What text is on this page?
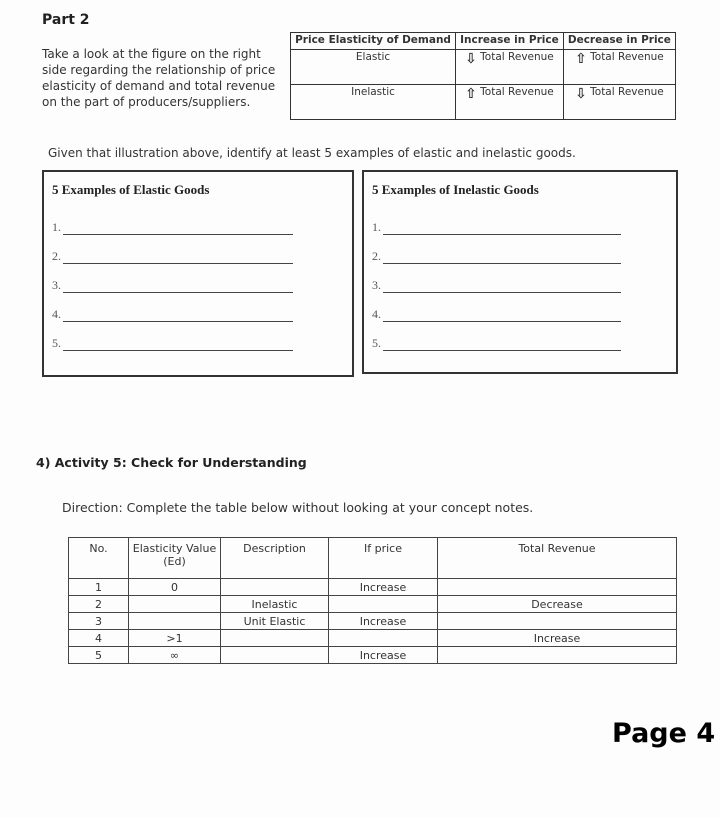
Part 2
Take a look at the figure on the right side regarding the relationship of price elasticity of demand and total revenue on the part of producers/suppliers.
Price Elasticity of Demand	Increase in Price	Decrease in Price
Elastic	⇩ Total Revenue	⇧ Total Revenue
Inelastic	⇧ Total Revenue	⇩ Total Revenue
Given that illustration above, identify at least 5 examples of elastic and inelastic goods.
5 Examples of Elastic Goods
1.
2.
3.
4.
5.
5 Examples of Inelastic Goods
1.
2.
3.
4.
5.
4) Activity 5: Check for Understanding
Direction: Complete the table below without looking at your concept notes.
No.	Elasticity Value (Ed)	Description	If price	Total Revenue
1	0		Increase	
2		Inelastic		Decrease
3		Unit Elastic	Increase	
4	>1			Increase
5	∞		Increase	
Page 4
